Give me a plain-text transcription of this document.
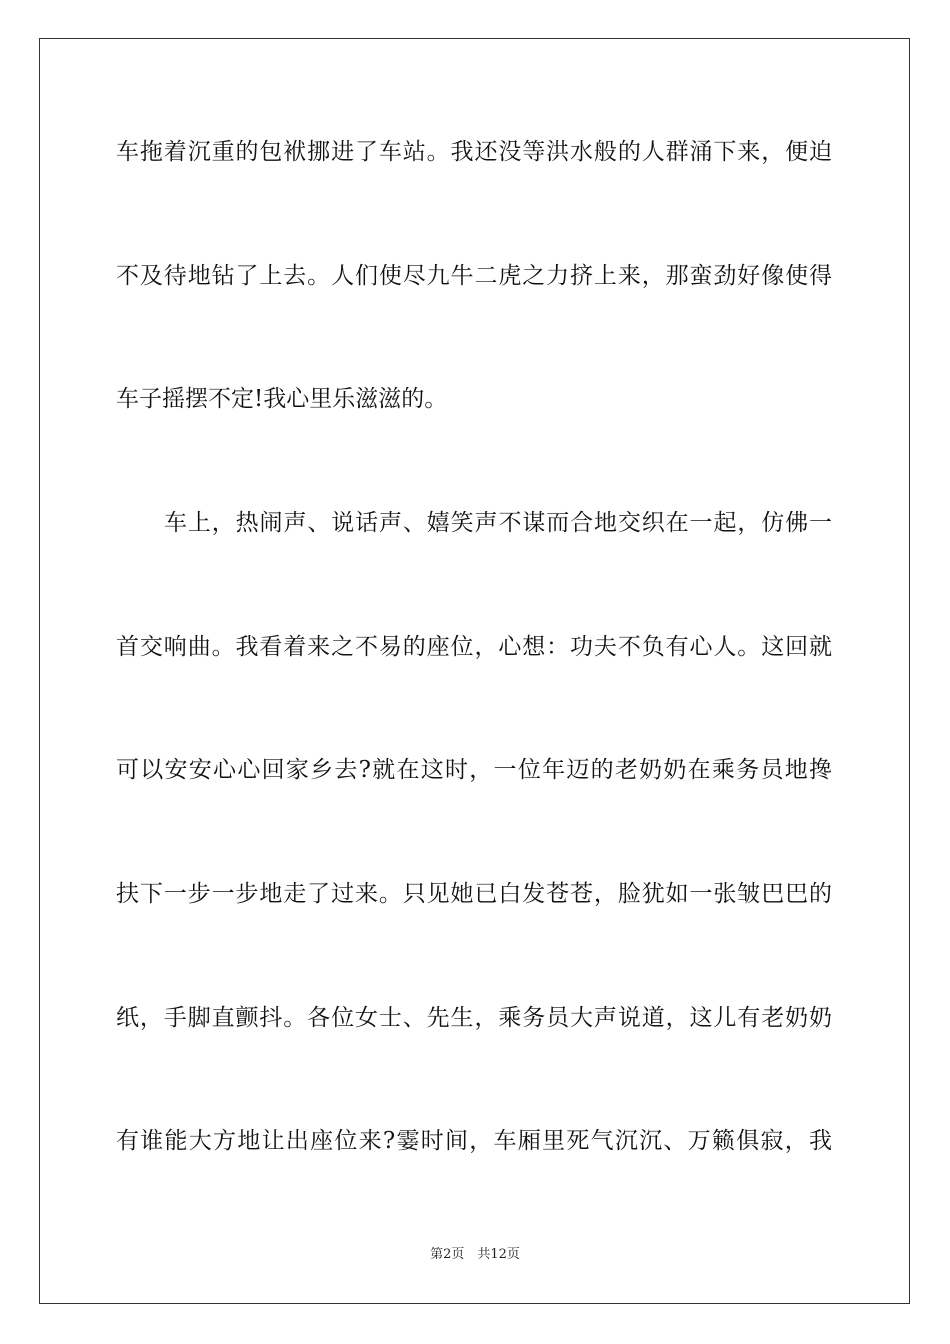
车拖着沉重的包袱挪进了车站。我还没等洪水般的人群涌下来，便迫
不及待地钻了上去。人们使尽九牛二虎之力挤上来，那蛮劲好像使得
车子摇摆不定!我心里乐滋滋的。
车上，热闹声、说话声、嬉笑声不谋而合地交织在一起，仿佛一
首交响曲。我看着来之不易的座位，心想：功夫不负有心人。这回就
可以安安心心回家乡去?就在这时，一位年迈的老奶奶在乘务员地搀
扶下一步一步地走了过来。只见她已白发苍苍，脸犹如一张皱巴巴的
纸，手脚直颤抖。各位女士、先生，乘务员大声说道，这儿有老奶奶
有谁能大方地让出座位来?霎时间，车厢里死气沉沉、万籁俱寂，我
第2页　共12页
